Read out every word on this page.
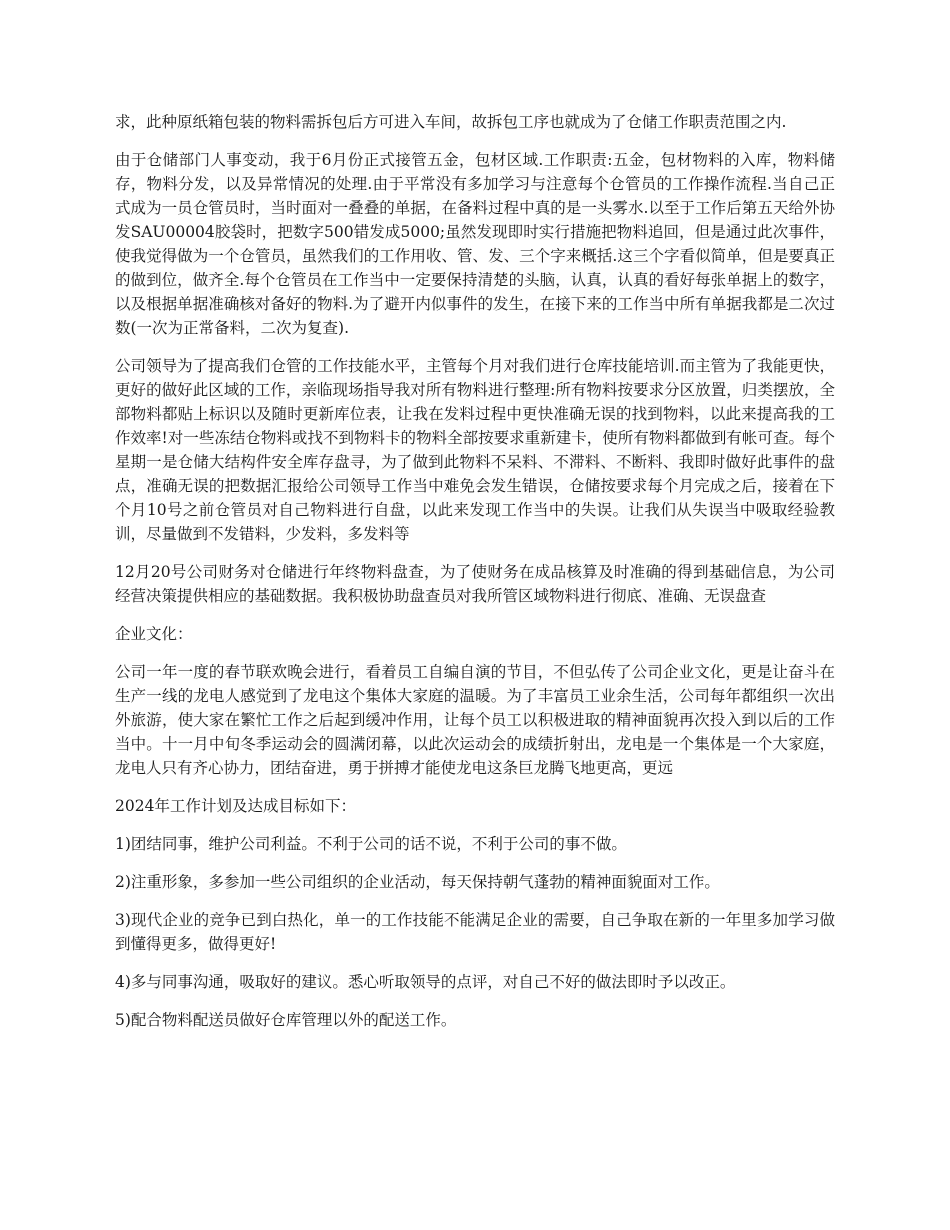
求，此种原纸箱包装的物料需拆包后方可进入车间，故拆包工序也就成为了仓储工作职责范围之内.

由于仓储部门人事变动，我于6月份正式接管五金，包材区域.工作职责:五金，包材物料的入库，物料储存，物料分发，以及异常情况的处理.由于平常没有多加学习与注意每个仓管员的工作操作流程.当自己正式成为一员仓管员时，当时面对一叠叠的单据，在备料过程中真的是一头雾水.以至于工作后第五天给外协发SAU00004胶袋时，把数字500错发成5000;虽然发现即时实行措施把物料追回，但是通过此次事件，使我觉得做为一个仓管员，虽然我们的工作用收、管、发、三个字来概括.这三个字看似简单，但是要真正的做到位，做齐全.每个仓管员在工作当中一定要保持清楚的头脑，认真，认真的看好每张单据上的数字，以及根据单据准确核对备好的物料.为了避开内似事件的发生，在接下来的工作当中所有单据我都是二次过数(一次为正常备料，二次为复查).

公司领导为了提高我们仓管的工作技能水平，主管每个月对我们进行仓库技能培训.而主管为了我能更快，更好的做好此区域的工作，亲临现场指导我对所有物料进行整理:所有物料按要求分区放置，归类摆放，全部物料都贴上标识以及随时更新库位表，让我在发料过程中更快准确无误的找到物料，以此来提高我的工作效率!对一些冻结仓物料或找不到物料卡的物料全部按要求重新建卡，使所有物料都做到有帐可查。每个星期一是仓储大结构件安全库存盘寻，为了做到此物料不呆料、不滞料、不断料、我即时做好此事件的盘点，准确无误的把数据汇报给公司领导工作当中难免会发生错误，仓储按要求每个月完成之后，接着在下个月10号之前仓管员对自己物料进行自盘，以此来发现工作当中的失误。让我们从失误当中吸取经验教训，尽量做到不发错料，少发料，多发料等

12月20号公司财务对仓储进行年终物料盘查，为了使财务在成品核算及时准确的得到基础信息，为公司经营决策提供相应的基础数据。我积极协助盘查员对我所管区域物料进行彻底、准确、无误盘查

企业文化：

公司一年一度的春节联欢晚会进行，看着员工自编自演的节目，不但弘传了公司企业文化，更是让奋斗在生产一线的龙电人感觉到了龙电这个集体大家庭的温暖。为了丰富员工业余生活，公司每年都组织一次出外旅游，使大家在繁忙工作之后起到缓冲作用，让每个员工以积极进取的精神面貌再次投入到以后的工作当中。十一月中旬冬季运动会的圆满闭幕，以此次运动会的成绩折射出，龙电是一个集体是一个大家庭，龙电人只有齐心协力，团结奋进，勇于拼搏才能使龙电这条巨龙腾飞地更高，更远

2024年工作计划及达成目标如下：

1)团结同事，维护公司利益。不利于公司的话不说，不利于公司的事不做。

2)注重形象，多参加一些公司组织的企业活动，每天保持朝气蓬勃的精神面貌面对工作。

3)现代企业的竞争已到白热化，单一的工作技能不能满足企业的需要，自己争取在新的一年里多加学习做到懂得更多，做得更好!

4)多与同事沟通，吸取好的建议。悉心听取领导的点评，对自己不好的做法即时予以改正。

5)配合物料配送员做好仓库管理以外的配送工作。
